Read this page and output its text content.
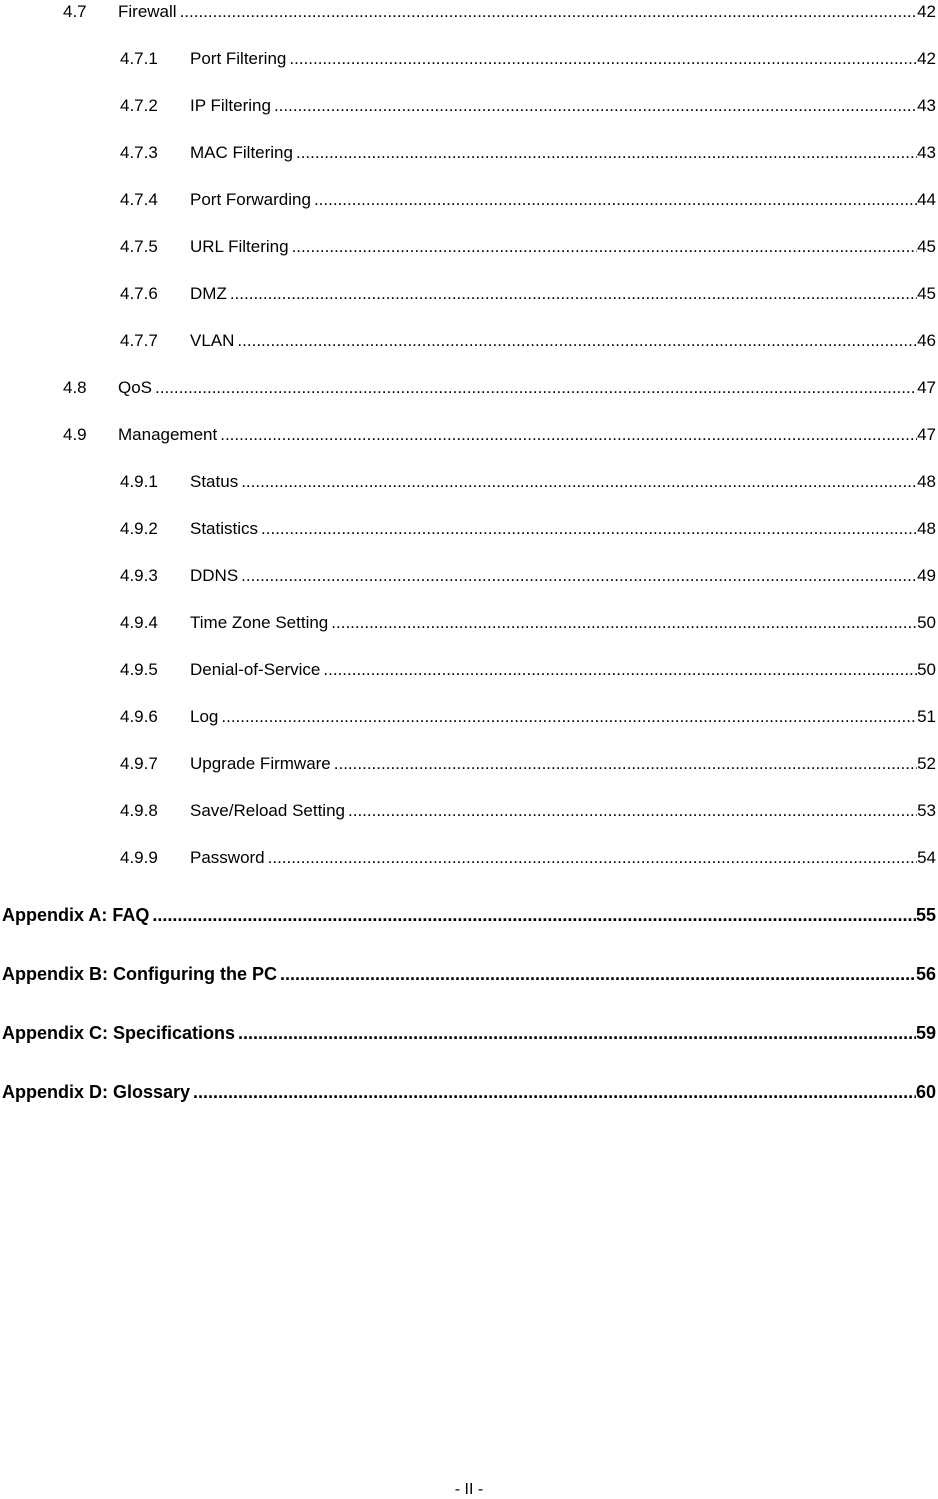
4.7	Firewall .....	42
4.7.1	Port Filtering .....	42
4.7.2	IP Filtering .....	43
4.7.3	MAC Filtering .....	43
4.7.4	Port Forwarding .....	44
4.7.5	URL Filtering .....	45
4.7.6	DMZ .....	45
4.7.7	VLAN .....	46
4.8	QoS .....	47
4.9	Management .....	47
4.9.1	Status .....	48
4.9.2	Statistics .....	48
4.9.3	DDNS .....	49
4.9.4	Time Zone Setting .....	50
4.9.5	Denial-of-Service .....	50
4.9.6	Log .....	51
4.9.7	Upgrade Firmware .....	52
4.9.8	Save/Reload Setting .....	53
4.9.9	Password .....	54
Appendix A: FAQ .....	55
Appendix B: Configuring the PC .....	56
Appendix C: Specifications .....	59
Appendix D: Glossary .....	60
- II -
